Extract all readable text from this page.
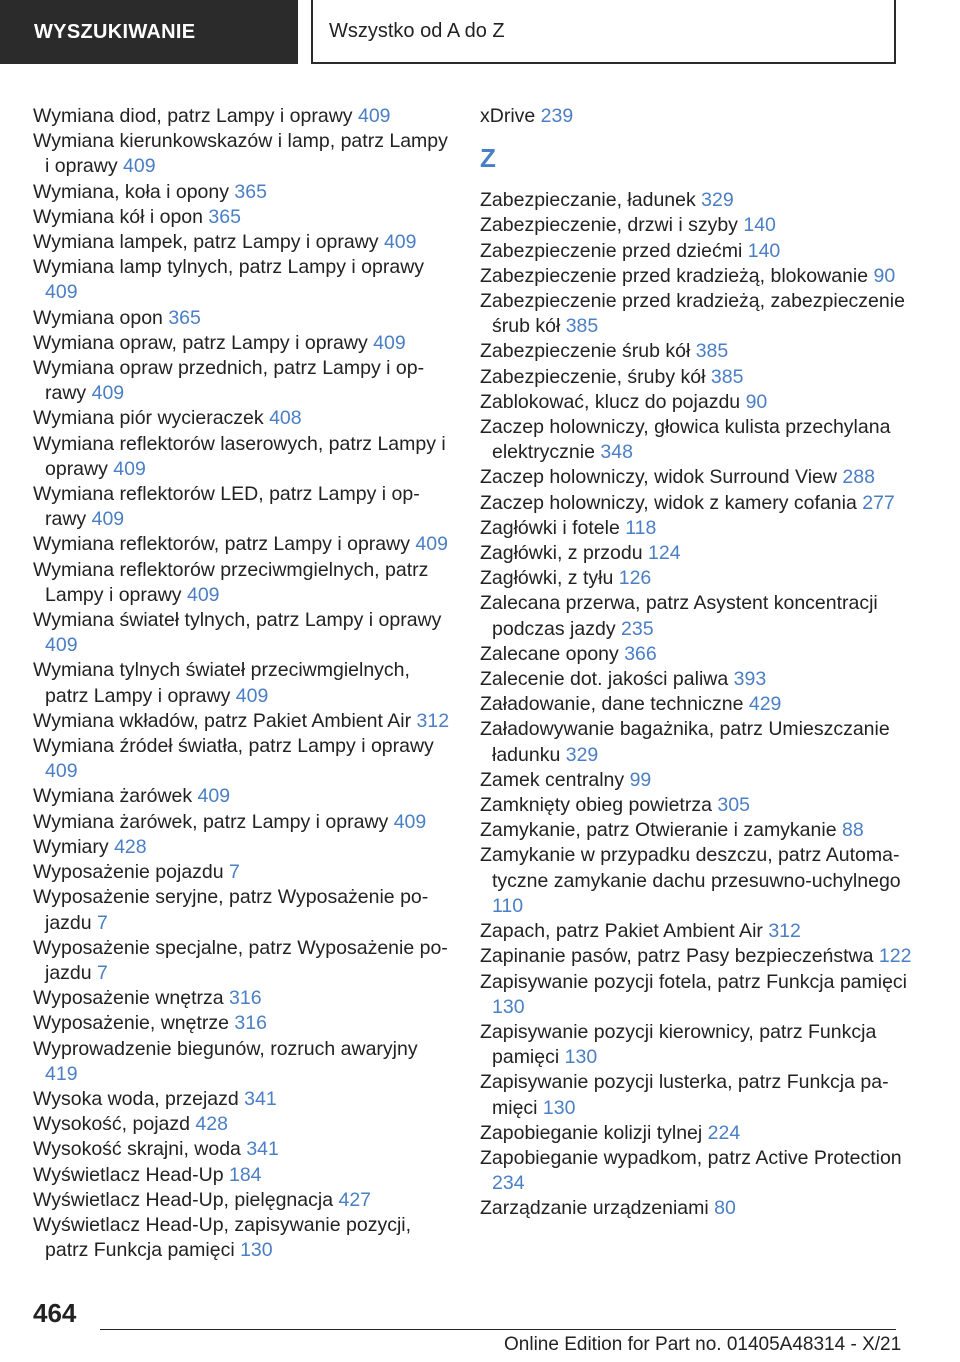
WYSZUKIWANIE	Wszystko od A do Z
Wymiana diod, patrz Lampy i oprawy 409
Wymiana kierunkowskazów i lamp, patrz Lampy i oprawy 409
Wymiana, koła i opony 365
Wymiana kół i opon 365
Wymiana lampek, patrz Lampy i oprawy 409
Wymiana lamp tylnych, patrz Lampy i oprawy 409
Wymiana opon 365
Wymiana opraw, patrz Lampy i oprawy 409
Wymiana opraw przednich, patrz Lampy i oprawy 409
Wymiana piór wycieraczek 408
Wymiana reflektorów laserowych, patrz Lampy i oprawy 409
Wymiana reflektorów LED, patrz Lampy i oprawy 409
Wymiana reflektorów, patrz Lampy i oprawy 409
Wymiana reflektorów przeciwmgielnych, patrz Lampy i oprawy 409
Wymiana świateł tylnych, patrz Lampy i oprawy 409
Wymiana tylnych świateł przeciwmgielnych, patrz Lampy i oprawy 409
Wymiana wkładów, patrz Pakiet Ambient Air 312
Wymiana źródeł światła, patrz Lampy i oprawy 409
Wymiana żarówek 409
Wymiana żarówek, patrz Lampy i oprawy 409
Wymiary 428
Wyposażenie pojazdu 7
Wyposażenie seryjne, patrz Wyposażenie pojazdu 7
Wyposażenie specjalne, patrz Wyposażenie pojazdu 7
Wyposażenie wnętrza 316
Wyposażenie, wnętrze 316
Wyprowadzenie biegunów, rozruch awaryjny 419
Wysoka woda, przejazd 341
Wysokość, pojazd 428
Wysokość skrajni, woda 341
Wyświetlacz Head-Up 184
Wyświetlacz Head-Up, pielęgnacja 427
Wyświetlacz Head-Up, zapisywanie pozycji, patrz Funkcja pamięci 130
xDrive 239
Z
Zabezpieczanie, ładunek 329
Zabezpieczenie, drzwi i szyby 140
Zabezpieczenie przed dziećmi 140
Zabezpieczenie przed kradzieżą, blokowanie 90
Zabezpieczenie przed kradzieżą, zabezpieczenie śrub kół 385
Zabezpieczenie śrub kół 385
Zabezpieczenie, śruby kół 385
Zablokować, klucz do pojazdu 90
Zaczep holowniczy, głowica kulista przechylana elektrycznie 348
Zaczep holowniczy, widok Surround View 288
Zaczep holowniczy, widok z kamery cofania 277
Zagłówki i fotele 118
Zagłówki, z przodu 124
Zagłówki, z tyłu 126
Zalecana przerwa, patrz Asystent koncentracji podczas jazdy 235
Zalecane opony 366
Zalecenie dot. jakości paliwa 393
Załadowanie, dane techniczne 429
Załadowywanie bagażnika, patrz Umieszczanie ładunku 329
Zamek centralny 99
Zamknięty obieg powietrza 305
Zamykanie, patrz Otwieranie i zamykanie 88
Zamykanie w przypadku deszczu, patrz Automatyczne zamykanie dachu przesuwno-uchylnego 110
Zapach, patrz Pakiet Ambient Air 312
Zapinanie pasów, patrz Pasy bezpieczeństwa 122
Zapisywanie pozycji fotela, patrz Funkcja pamięci 130
Zapisywanie pozycji kierownicy, patrz Funkcja pamięci 130
Zapisywanie pozycji lusterka, patrz Funkcja pamięci 130
Zapobieganie kolizji tylnej 224
Zapobieganie wypadkom, patrz Active Protection 234
Zarządzanie urządzeniami 80
464
Online Edition for Part no. 01405A48314 - X/21
